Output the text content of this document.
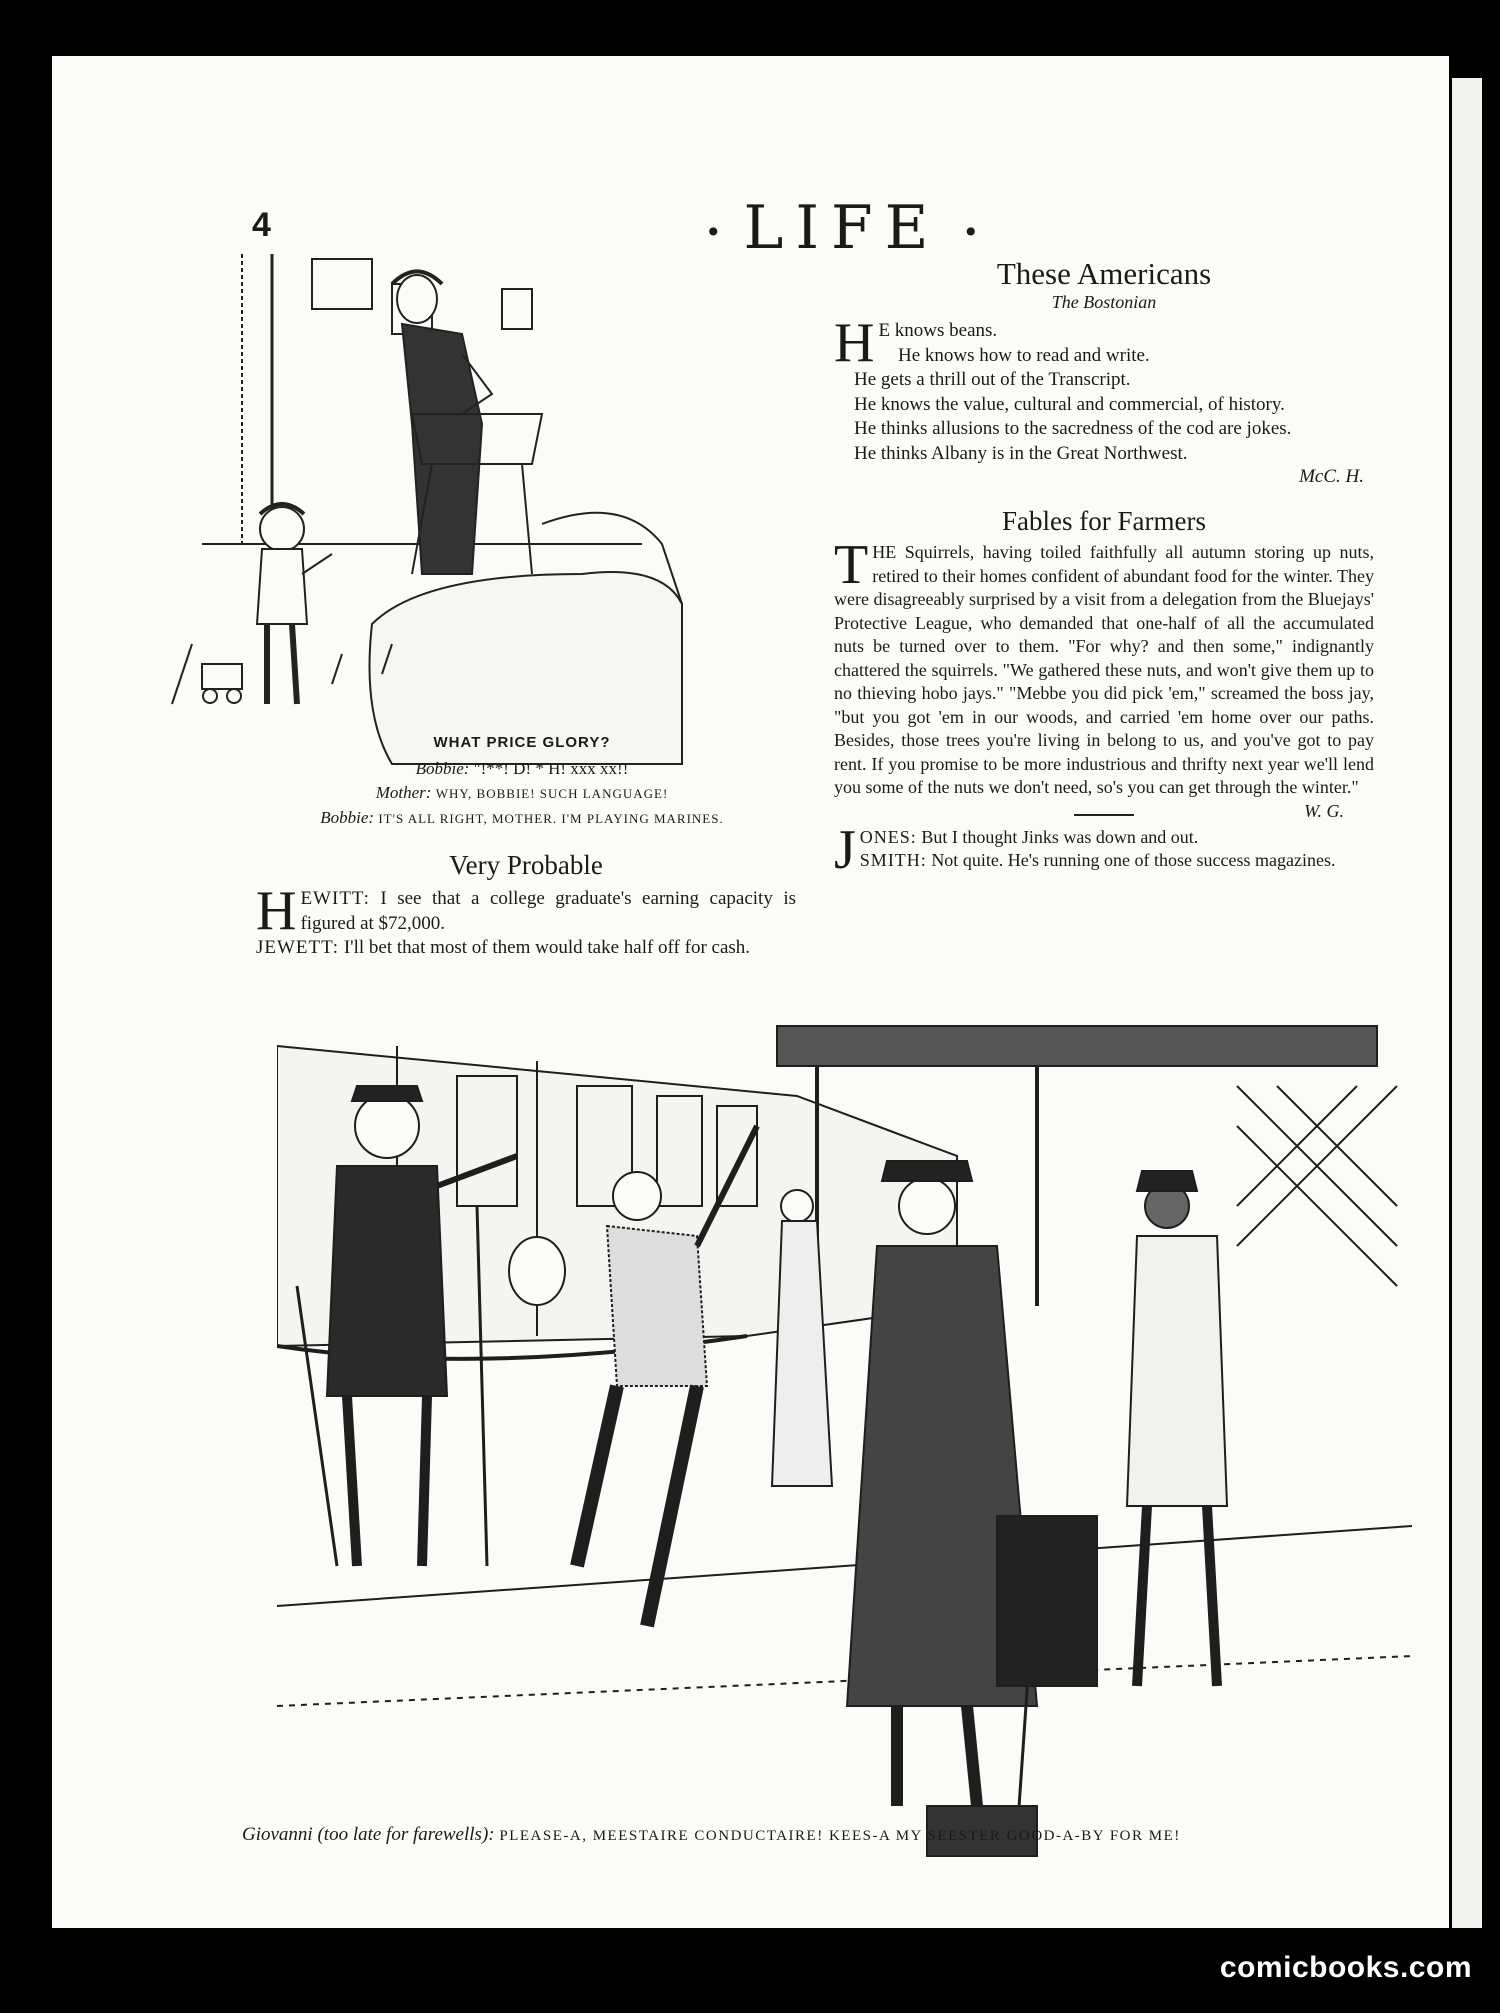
4	• LIFE •
WHAT PRICE GLORY?
Bobbie: "!**! D! * H! xxx xx!!
Mother: WHY, BOBBIE! SUCH LANGUAGE!
Bobbie: IT'S ALL RIGHT, MOTHER. I'M PLAYING MARINES.
Very Probable
H EWITT: I see that a college graduate's earning capacity is figured at $72,000.
JEWETT: I'll bet that most of them would take half off for cash.
These Americans
The Bostonian
H E knows beans.
He knows how to read and write.
He gets a thrill out of the Transcript.
He knows the value, cultural and commercial, of history.
He thinks allusions to the sacredness of the cod are jokes.
He thinks Albany is in the Great Northwest.
McC. H.
Fables for Farmers
T HE Squirrels, having toiled faithfully all autumn storing up nuts, retired to their homes confident of abundant food for the winter. They were disagreeably surprised by a visit from a delegation from the Bluejays' Protective League, who demanded that one-half of all the accumulated nuts be turned over to them. "For why? and then some," indignantly chattered the squirrels. "We gathered these nuts, and won't give them up to no thieving hobo jays." "Mebbe you did pick 'em," screamed the boss jay, "but you got 'em in our woods, and carried 'em home over our paths. Besides, those trees you're living in belong to us, and you've got to pay rent. If you promise to be more industrious and thrifty next year we'll lend you some of the nuts we don't need, so's you can get through the winter."
W. G.
J ONES: But I thought Jinks was down and out.
SMITH: Not quite. He's running one of those success magazines.
Giovanni (too late for farewells): PLEASE-A, MEESTAIRE CONDUCTAIRE! KEES-A MY SEESTER GOOD-A-BY FOR ME!
comicbooks.com
